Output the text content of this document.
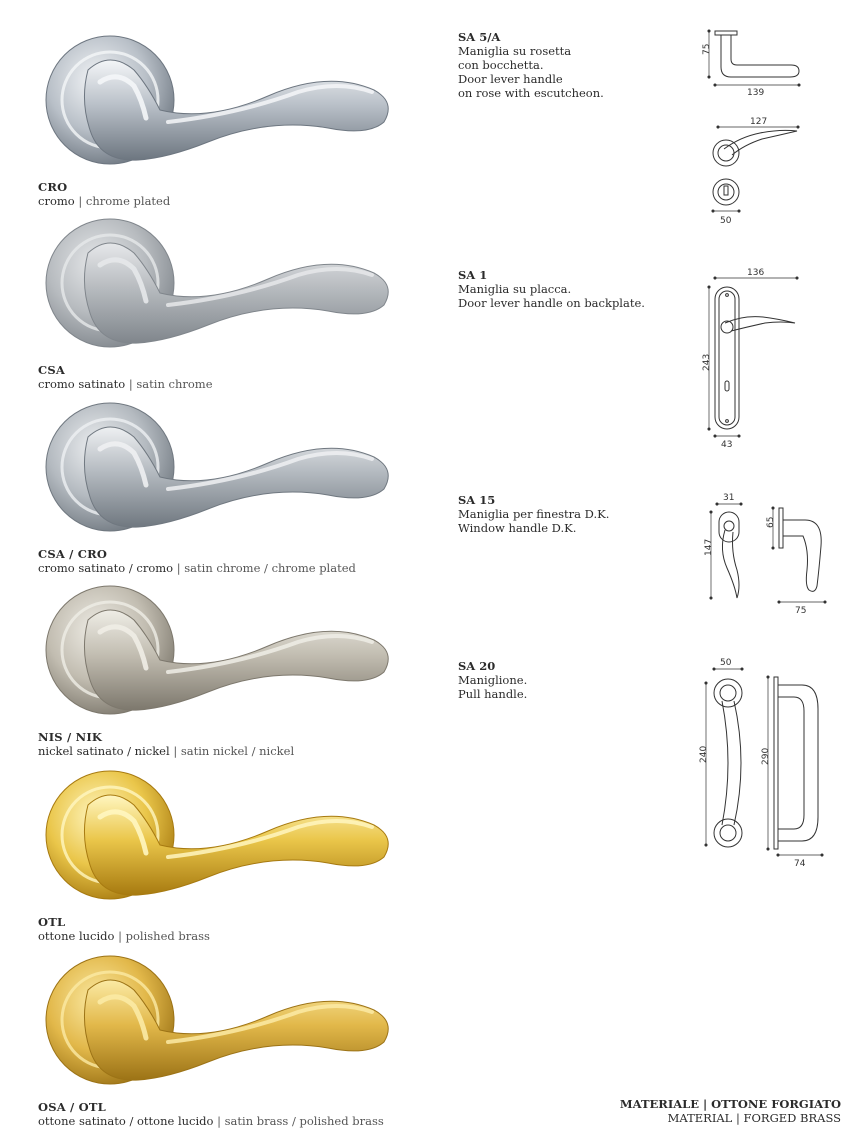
CRO
cromo | chrome plated
CSA
cromo satinato | satin chrome
CSA / CRO
cromo satinato / cromo | satin chrome / chrome plated
NIS / NIK
nickel satinato / nickel | satin nickel / nickel
OTL
ottone lucido | polished brass
OSA / OTL
ottone satinato / ottone lucido | satin brass / polished brass
SA 5/A
Maniglia su rosetta
con bocchetta.
Door lever handle
on rose with escutcheon.
SA 1
Maniglia su placca.
Door lever handle on backplate.
SA 15
Maniglia per finestra D.K.
Window handle D.K.
SA 20
Maniglione.
Pull handle.
75
139
127
50
136
243
43
31
147
65
75
50
240	290
74
MATERIALE | OTTONE FORGIATO
MATERIAL | FORGED BRASS
